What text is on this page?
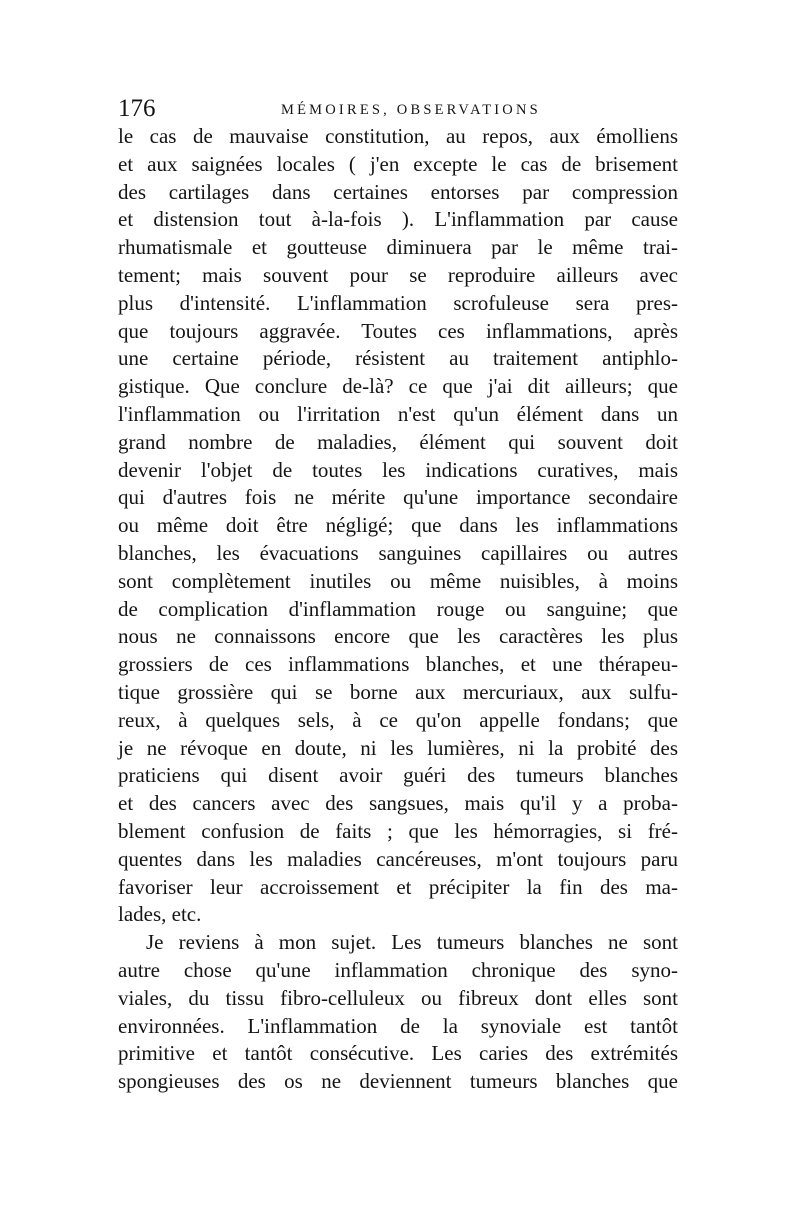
176	MÉMOIRES, OBSERVATIONS
le cas de mauvaise constitution, au repos, aux émolliens
et aux saignées locales ( j'en excepte le cas de brisement
des cartilages dans certaines entorses par compression
et distension tout à-la-fois ). L'inflammation par cause
rhumatismale et goutteuse diminuera par le même trai-
tement; mais souvent pour se reproduire ailleurs avec
plus d'intensité. L'inflammation scrofuleuse sera pres-
que toujours aggravée. Toutes ces inflammations, après
une certaine période, résistent au traitement antiphlo-
gistique. Que conclure de-là? ce que j'ai dit ailleurs; que
l'inflammation ou l'irritation n'est qu'un élément dans un
grand nombre de maladies, élément qui souvent doit
devenir l'objet de toutes les indications curatives, mais
qui d'autres fois ne mérite qu'une importance secondaire
ou même doit être négligé; que dans les inflammations
blanches, les évacuations sanguines capillaires ou autres
sont complètement inutiles ou même nuisibles, à moins
de complication d'inflammation rouge ou sanguine; que
nous ne connaissons encore que les caractères les plus
grossiers de ces inflammations blanches, et une thérapeu-
tique grossière qui se borne aux mercuriaux, aux sulfu-
reux, à quelques sels, à ce qu'on appelle fondans; que
je ne révoque en doute, ni les lumières, ni la probité des
praticiens qui disent avoir guéri des tumeurs blanches
et des cancers avec des sangsues, mais qu'il y a proba-
blement confusion de faits ; que les hémorragies, si fré-
quentes dans les maladies cancéreuses, m'ont toujours paru
favoriser leur accroissement et précipiter la fin des ma-
lades, etc.
Je reviens à mon sujet. Les tumeurs blanches ne sont
autre chose qu'une inflammation chronique des syno-
viales, du tissu fibro-celluleux ou fibreux dont elles sont
environnées. L'inflammation de la synoviale est tantôt
primitive et tantôt consécutive. Les caries des extrémités
spongieuses des os ne deviennent tumeurs blanches que
